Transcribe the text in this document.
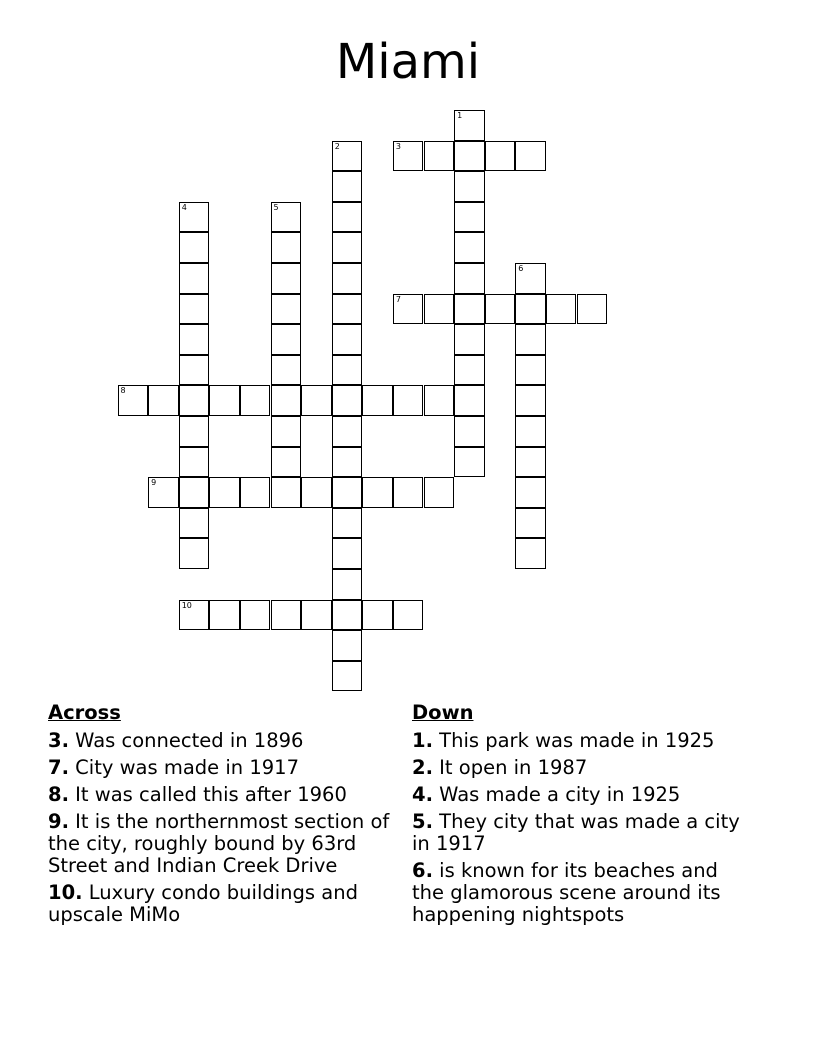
Miami
1
2	3
4	5
6
7
8
9
10
Across
3. Was connected in 1896
7. City was made in 1917
8. It was called this after 1960
9. It is the northernmost section of the city, roughly bound by 63rd Street and Indian Creek Drive
10. Luxury condo buildings and upscale MiMo
Down
1. This park was made in 1925
2. It open in 1987
4. Was made a city in 1925
5. They city that was made a city in 1917
6. is known for its beaches and the glamorous scene around its happening nightspots
